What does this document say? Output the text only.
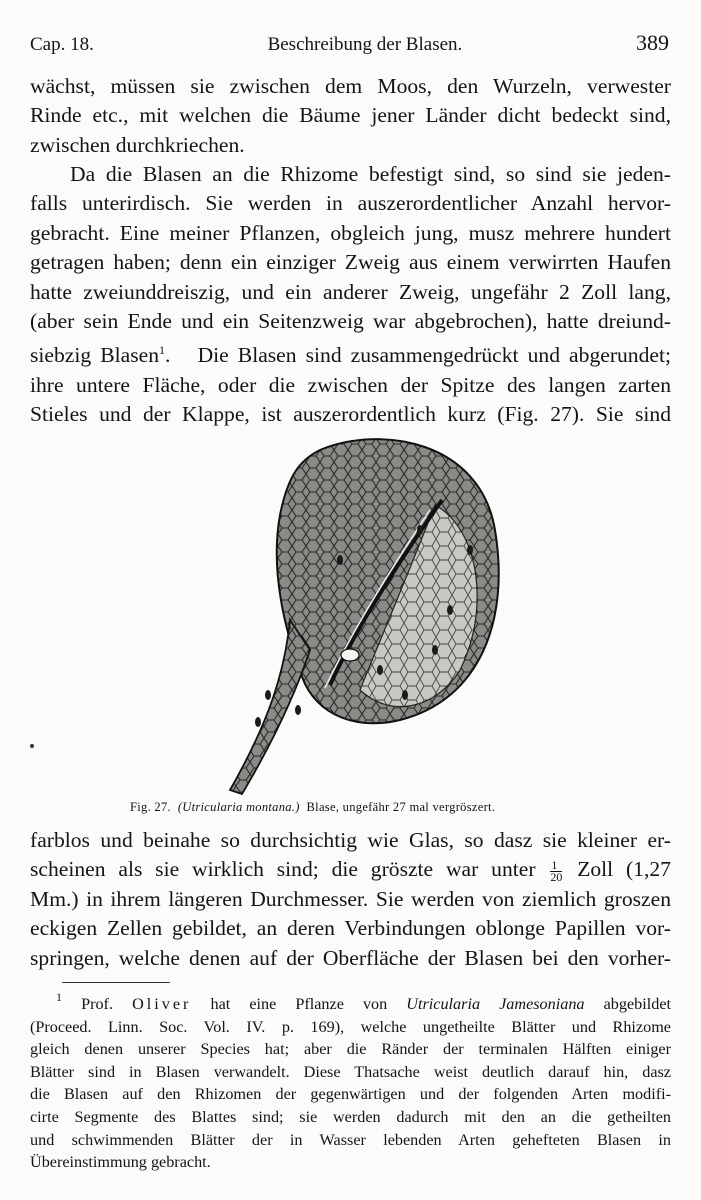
Cap. 18.	Beschreibung der Blasen.	389

wächst, müssen sie zwischen dem Moos, den Wurzeln, verwester
Rinde etc., mit welchen die Bäume jener Länder dicht bedeckt sind,
zwischen durchkriechen.

Da die Blasen an die Rhizome befestigt sind, so sind sie jeden-
falls unterirdisch. Sie werden in auszerordentlicher Anzahl hervor-
gebracht. Eine meiner Pflanzen, obgleich jung, musz mehrere hundert
getragen haben; denn ein einziger Zweig aus einem verwirrten Haufen
hatte zweiunddreiszig, und ein anderer Zweig, ungefähr 2 Zoll lang,
(aber sein Ende und ein Seitenzweig war abgebrochen), hatte dreiund-
siebzig Blasen$^1$.   Die Blasen sind zusammengedrückt und abgerundet;
ihre untere Fläche, oder die zwischen der Spitze des langen zarten
Stieles und der Klappe, ist auszerordentlich kurz (Fig. 27). Sie sind

Fig. 27. (Utricularia montana.) Blase, ungefähr 27 mal vergröszert.

farblos und beinahe so durchsichtig wie Glas, so dasz sie kleiner er-
scheinen als sie wirklich sind; die gröszte war unter $\frac{1}{20}$ Zoll (1,27
Mm.) in ihrem längeren Durchmesser. Sie werden von ziemlich groszen
eckigen Zellen gebildet, an deren Verbindungen oblonge Papillen vor-
springen, welche denen auf der Oberfläche der Blasen bei den vorher-

$^1$ Prof. Oliver hat eine Pflanze von Utricularia Jamesoniana abgebildet
(Proceed. Linn. Soc. Vol. IV. p. 169), welche ungetheilte Blätter und Rhizome
gleich denen unserer Species hat; aber die Ränder der terminalen Hälften einiger
Blätter sind in Blasen verwandelt. Diese Thatsache weist deutlich darauf hin, dasz
die Blasen auf den Rhizomen der gegenwärtigen und der folgenden Arten modifi-
cirte Segmente des Blattes sind; sie werden dadurch mit den an die getheilten
und schwimmenden Blätter der in Wasser lebenden Arten gehefteten Blasen in
Übereinstimmung gebracht.
